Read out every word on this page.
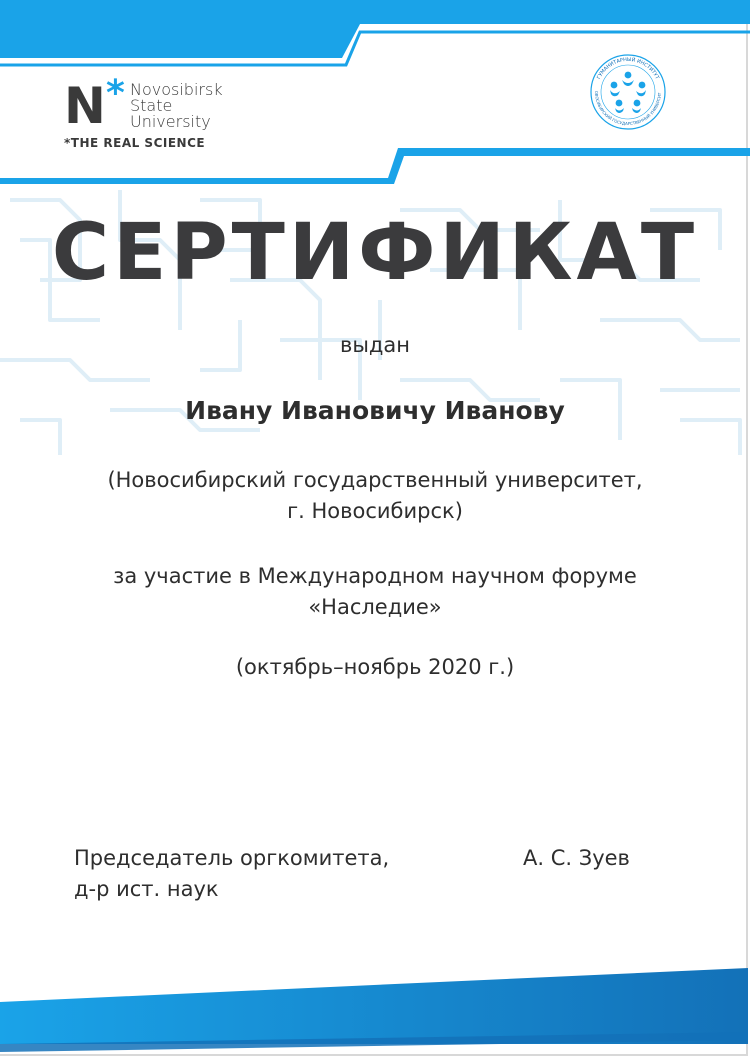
N * Novosibirsk
State
University
*THE REAL SCIENCE
ГУМАНИТАРНЫЙ ИНСТИТУТ
ОВОСИБИРСКИЙ ГОСУДАРСТВЕННЫЙ УНИВЕРСИТ
СЕРТИФИКАТ
выдан
Ивану Ивановичу Иванову
(Новосибирский государственный университет,
г. Новосибирск)
за участие в Международном научном форуме
«Наследие»
(октябрь–ноябрь 2020 г.)
Председатель оргкомитета,
д-р ист. наук
А. С. Зуев
